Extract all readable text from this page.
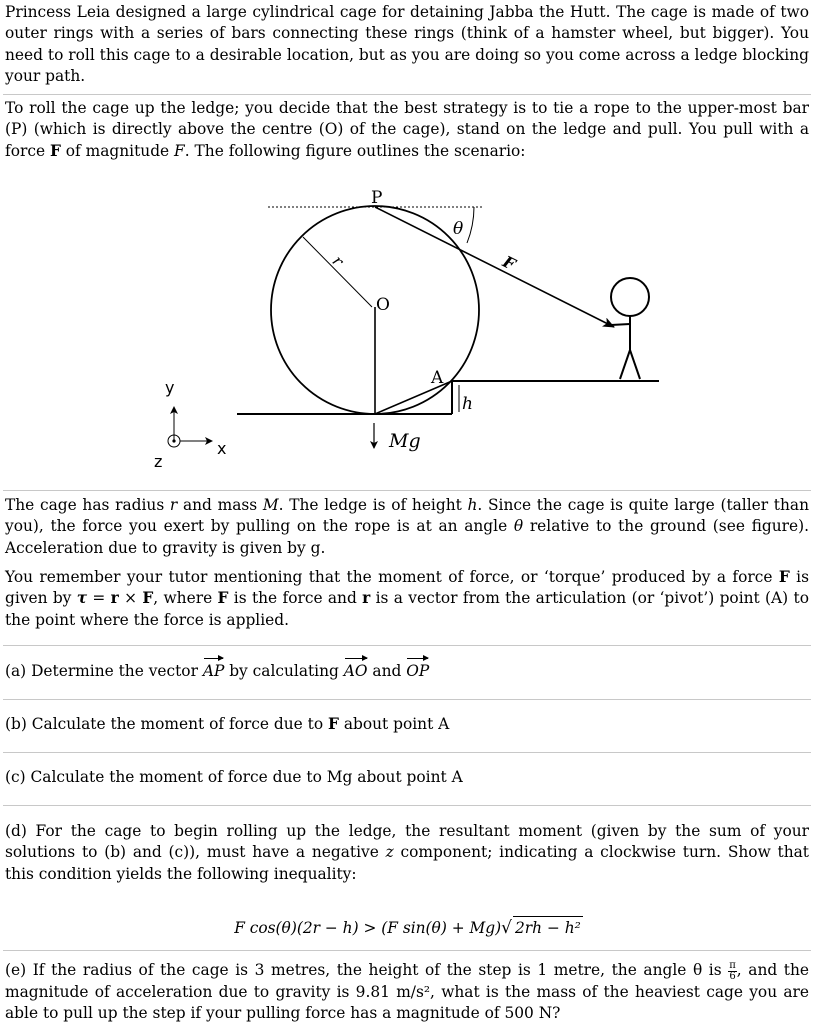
Princess Leia designed a large cylindrical cage for detaining Jabba the Hutt. The cage is made of two outer rings with a series of bars connecting these rings (think of a hamster wheel, but bigger). You need to roll this cage to a desirable location, but as you are doing so you come across a ledge blocking your path.

To roll the cage up the ledge; you decide that the best strategy is to tie a rope to the upper-most bar (P) (which is directly above the centre (O) of the cage), stand on the ledge and pull. You pull with a force F of magnitude F. The following figure outlines the scenario:

P
O
A
r
θ
F
h
Mg
y
x
z

The cage has radius r and mass M. The ledge is of height h. Since the cage is quite large (taller than you), the force you exert by pulling on the rope is at an angle θ relative to the ground (see figure). Acceleration due to gravity is given by g.

You remember your tutor mentioning that the moment of force, or ‘torque’ produced by a force F is given by τ = r × F, where F is the force and r is a vector from the articulation (or ‘pivot’) point (A) to the point where the force is applied.

(a) Determine the vector AP by calculating AO and OP

(b) Calculate the moment of force due to F about point A

(c) Calculate the moment of force due to Mg about point A

(d) For the cage to begin rolling up the ledge, the resultant moment (given by the sum of your solutions to (b) and (c)), must have a negative z component; indicating a clockwise turn. Show that this condition yields the following inequality:

F cos(θ)(2r − h) > (F sin(θ) + Mg)√ 2rh − h²

(e) If the radius of the cage is 3 metres, the height of the step is 1 metre, the angle θ is $\frac{\pi}{6}$ , and the magnitude of acceleration due to gravity is 9.81 m/s², what is the mass of the heaviest cage you are able to pull up the step if your pulling force has a magnitude of 500 N?
